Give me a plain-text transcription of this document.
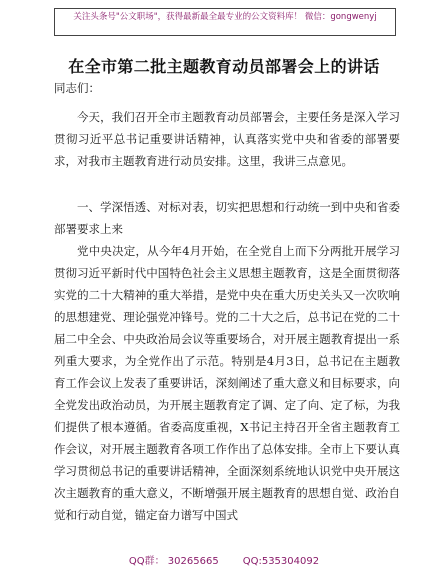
关注头条号"公文职场"，获得最新最全最专业的公文资料库！ 微信：gongwenyj
在全市第二批主题教育动员部署会上的讲话
同志们：

今天，我们召开全市主题教育动员部署会，主要任务是深入学习贯彻习近平总书记重要讲话精神，认真落实党中央和省委的部署要求，对我市主题教育进行动员安排。这里，我讲三点意见。

一、学深悟透、对标对表，切实把思想和行动统一到中央和省委部署要求上来

党中央决定，从今年4月开始，在全党自上而下分两批开展学习贯彻习近平新时代中国特色社会主义思想主题教育，这是全面贯彻落实党的二十大精神的重大举措，是党中央在重大历史关头又一次吹响的思想建党、理论强党冲锋号。党的二十大之后，总书记在党的二十届二中全会、中央政治局会议等重要场合，对开展主题教育提出一系列重大要求，为全党作出了示范。特别是4月3日，总书记在主题教育工作会议上发表了重要讲话，深刻阐述了重大意义和目标要求，向全党发出政治动员，为开展主题教育定了调、定了向、定了标，为我们提供了根本遵循。省委高度重视，X书记主持召开全省主题教育工作会议，对开展主题教育各项工作作出了总体安排。全市上下要认真学习贯彻总书记的重要讲话精神，全面深刻系统地认识党中央开展这次主题教育的重大意义，不断增强开展主题教育的思想自觉、政治自觉和行动自觉，锚定奋力谱写中国式

QQ群： 30265665 QQ:535304092
